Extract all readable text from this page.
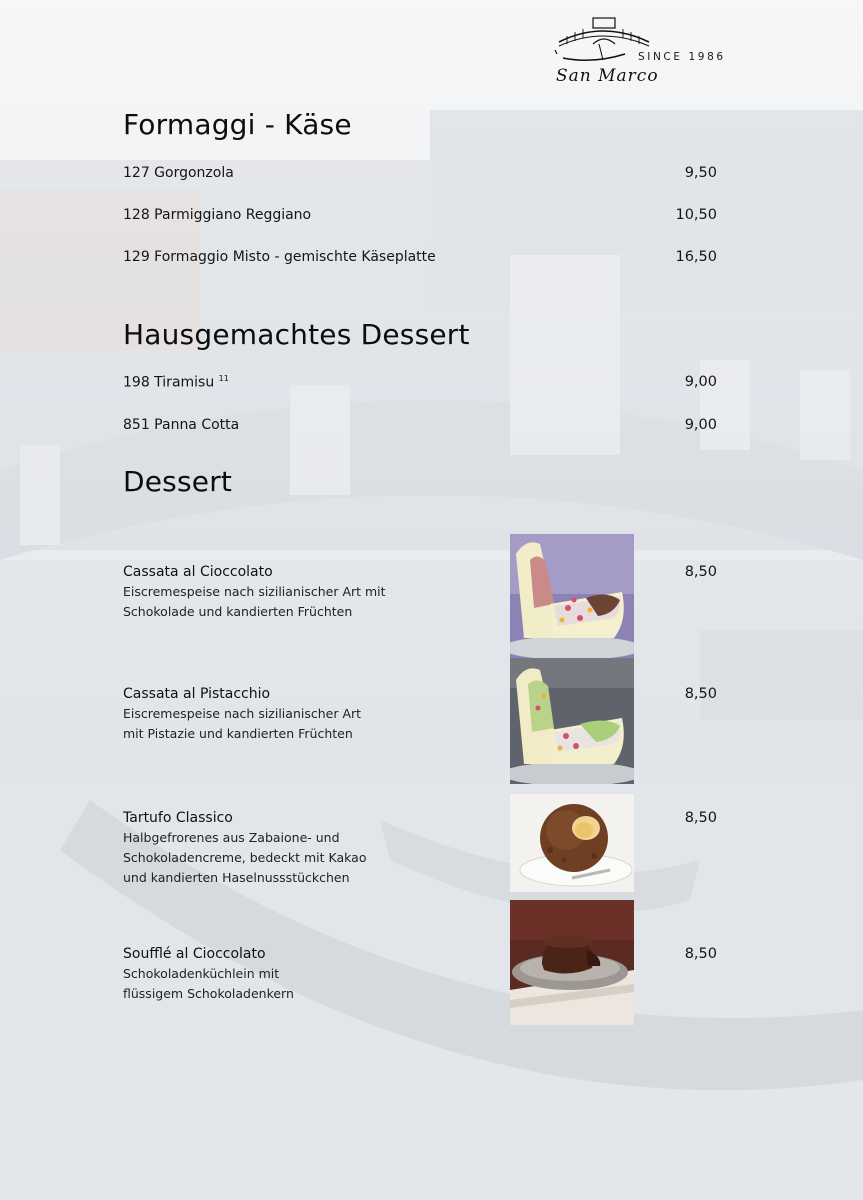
SINCE 1986
San Marco
Formaggi - Käse
127 Gorgonzola	9,50
128 Parmiggiano Reggiano	10,50
129 Formaggio Misto - gemischte Käseplatte	16,50
Hausgemachtes Dessert
198 Tiramisu $^{11}$	9,00
851 Panna Cotta	9,00
Dessert
Cassata al Cioccolato
Eiscremespeise nach sizilianischer Art mit
Schokolade und kandierten Früchten
8,50
Cassata al Pistacchio
Eiscremespeise nach sizilianischer Art
mit Pistazie und kandierten Früchten
8,50
Tartufo Classico
Halbgefrorenes aus Zabaione- und
Schokoladencreme, bedeckt mit Kakao
und kandierten Haselnussstückchen
8,50
Soufflé al Cioccolato
Schokoladenküchlein mit
flüssigem Schokoladenkern
8,50
